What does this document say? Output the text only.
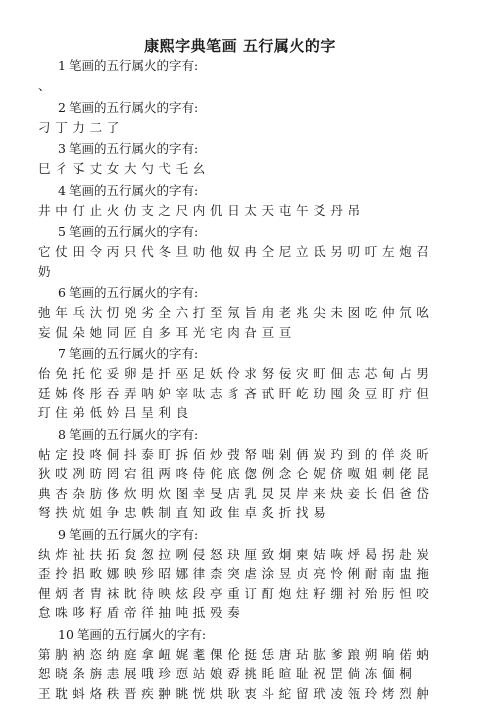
康熙字典笔画 五行属火的字

1 笔画的五行属火的字有:

、

2 笔画的五行属火的字有:

刁丁力二了

3 笔画的五行属火的字有:

巳彳孓丈女大勺弋乇幺

4 笔画的五行属火的字有:

井中仃止火仂支之尺内仉日太天屯午爻丹吊

5 笔画的五行属火的字有:

它仗田令丙只代冬旦叻他奴冉仝尼立氐另叨叮左炮召
奶

6 笔画的五行属火的字有:

弛年乓汏忉兇劣全六打至氖旨甪老兆尖未囡吃仲氘吆
妄侃朵她同匠自多耳光宅肉旮亘亘

7 笔画的五行属火的字有:

佁免托佗妥卵是扦巫足妖伶求努佞灾町佃志芯甸占男
廷姊佟彤吞弄呐妒宰呔志豸吝甙盰屹玏囤灸豆盯疔但
玎住弟低妗吕呈利良

8 笔画的五行属火的字有:

帖定投咚侗抖泰盯拆佰炒弢帑咄剁侢炭玓到的佯炎昕
狄哎冽昉罔宕徂两咚侍侂底偬例念仑妮侪呶姐刺佬昆
典杏杂肪侈炊明炊图幸旻店乳炅炅岸来炔妾长侣爸岱
弩抶炕姐争忠帙制直知政隹卓炙折找易

9 笔画的五行属火的字有:

纨炸祉扶拓炱怱拉咧侵怒玦厘致炯柬姞咴烀曷拐赴炭
歪拎捛畋娜映殄昭娜律柰突虐涂昱贞亮怜俐耐南盅拖
俚炳者胄袜眈待映炫段亭重订酊炮炷籽绷衬殆肟怛咬
怠咮哆籽盾帝徉抽吨抵殁奏

10 笔画的五行属火的字有:

第肭衲恣纳庭拿衄娓耄倮伦挺恁唐玷肱爹踉朔晌偌蚋
恕晓条旃恚展哦珍恧站娘孬挑眊暄耻祝罡倘冻偭桐
玊耽蚪烙秩晋疾翀眺恍烘耿衷斗紽留玳凌瓴玲烤烈舯
